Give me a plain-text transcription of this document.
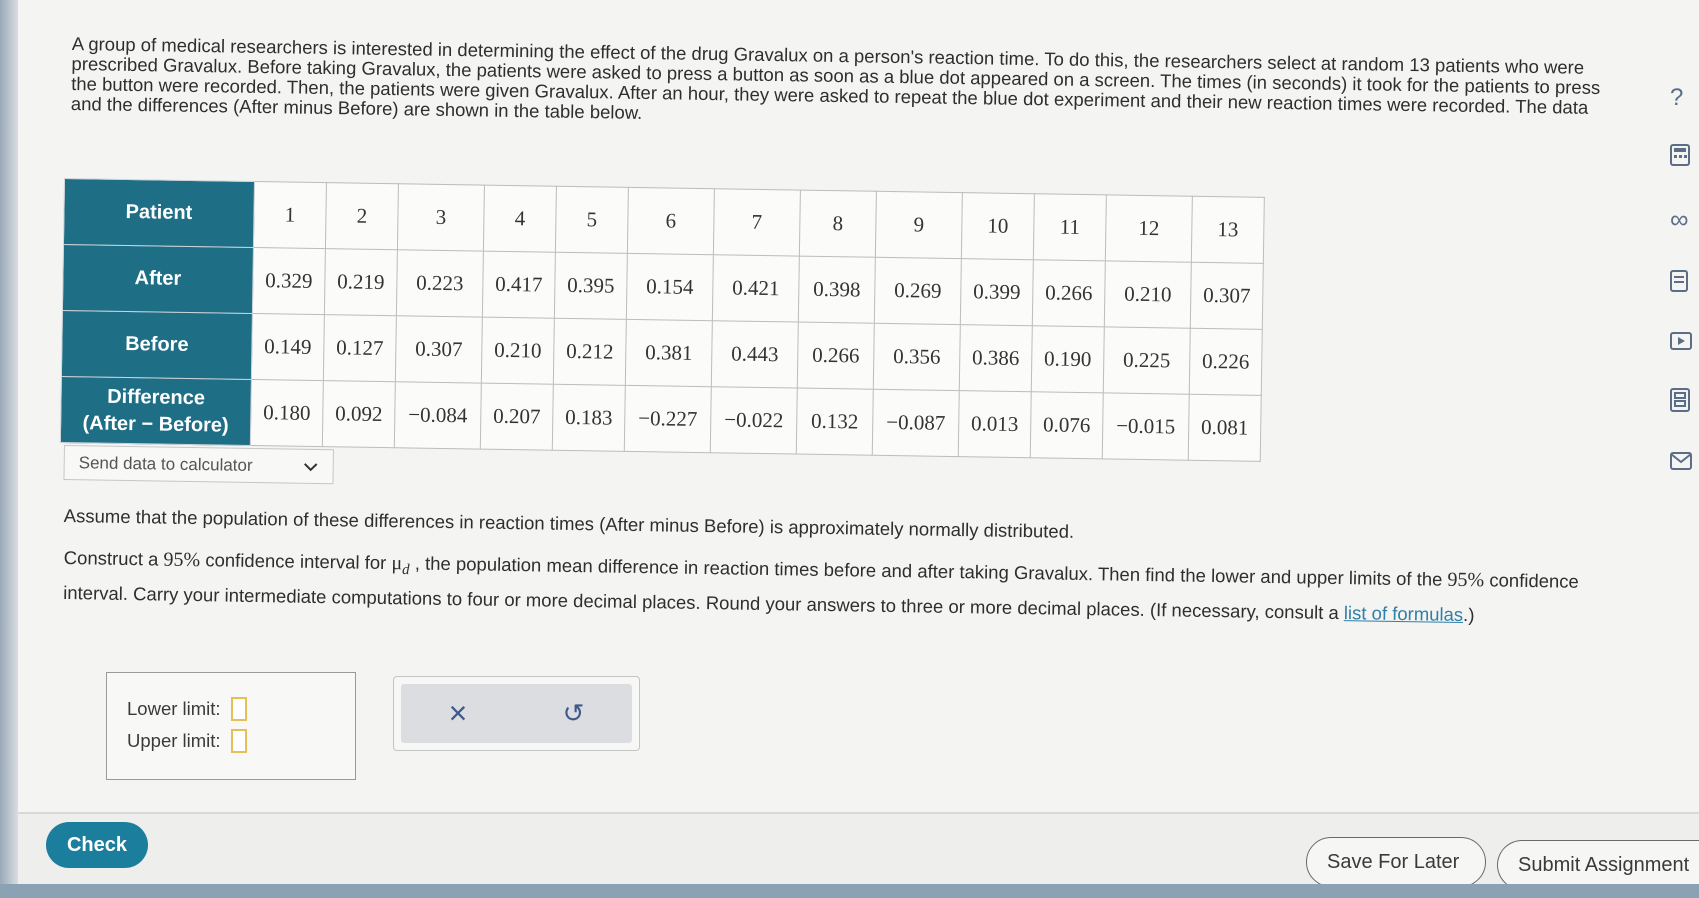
A group of medical researchers is interested in determining the effect of the drug Gravalux on a person's reaction time. To do this, the researchers select at random 13 patients who were prescribed Gravalux. Before taking Gravalux, the patients were asked to press a button as soon as a blue dot appeared on a screen. The times (in seconds) it took for the patients to press the button were recorded. Then, the patients were given Gravalux. After an hour, they were asked to repeat the blue dot experiment and their new reaction times were recorded. The data and the differences (After minus Before) are shown in the table below.

Patient	1	2	3	4	5	6	7	8	9	10	11	12	13
After	0.329	0.219	0.223	0.417	0.395	0.154	0.421	0.398	0.269	0.399	0.266	0.210	0.307
Before	0.149	0.127	0.307	0.210	0.212	0.381	0.443	0.266	0.356	0.386	0.190	0.225	0.226
Difference
(After − Before)	0.180	0.092	−0.084	0.207	0.183	−0.227	−0.022	0.132	−0.087	0.013	0.076	−0.015	0.081
Send data to calculator

Assume that the population of these differences in reaction times (After minus Before) is approximately normally distributed.

Construct a 95% confidence interval for $\mu_d$ , the population mean difference in reaction times before and after taking Gravalux. Then find the lower and upper limits of the 95% confidence interval. Carry your intermediate computations to four or more decimal places. Round your answers to three or more decimal places. (If necessary, consult a list of formulas.)

Lower limit:
Upper limit:
×	↺
?
∞
Check
Save For Later	Submit Assignment
